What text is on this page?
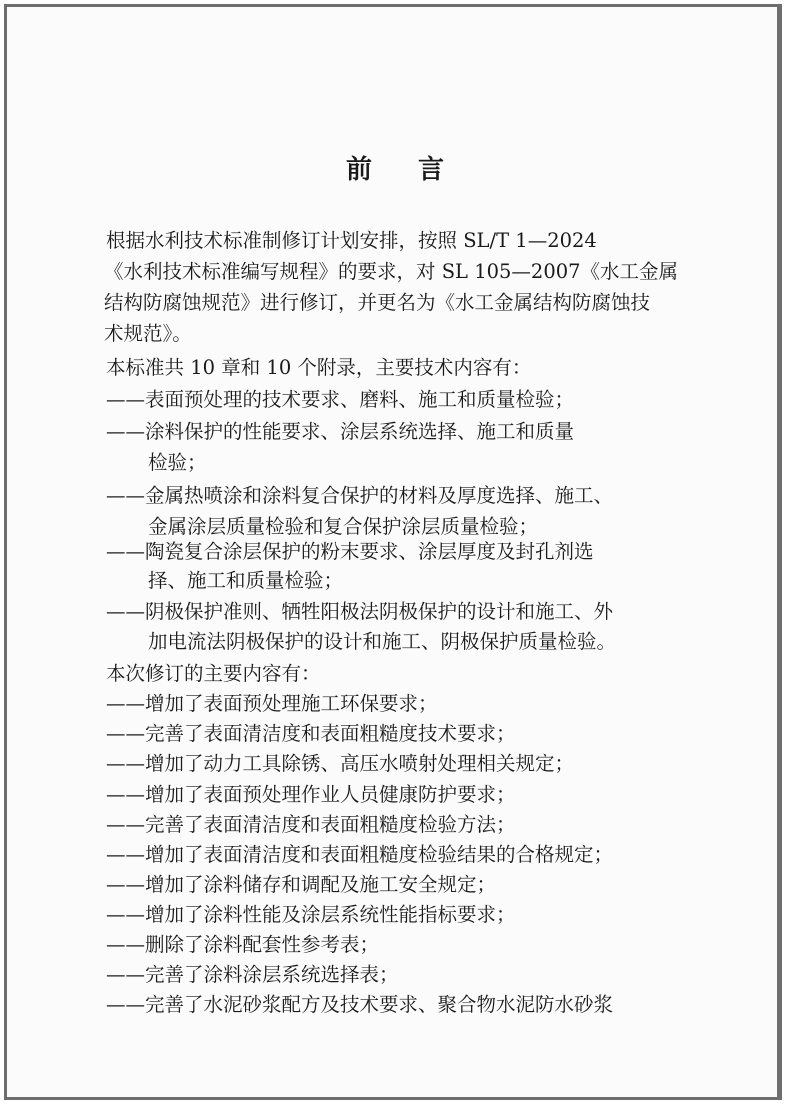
前言
根据水利技术标准制修订计划安排，按照 SL/T 1—2024
《水利技术标准编写规程》的要求，对 SL 105—2007《水工金属
结构防腐蚀规范》进行修订，并更名为《水工金属结构防腐蚀技
术规范》。
本标准共 10 章和 10 个附录，主要技术内容有：
——表面预处理的技术要求、磨料、施工和质量检验；
——涂料保护的性能要求、涂层系统选择、施工和质量
检验；
——金属热喷涂和涂料复合保护的材料及厚度选择、施工、
金属涂层质量检验和复合保护涂层质量检验；
——陶瓷复合涂层保护的粉末要求、涂层厚度及封孔剂选
择、施工和质量检验；
——阴极保护准则、牺牲阳极法阴极保护的设计和施工、外
加电流法阴极保护的设计和施工、阴极保护质量检验。
本次修订的主要内容有：
——增加了表面预处理施工环保要求；
——完善了表面清洁度和表面粗糙度技术要求；
——增加了动力工具除锈、高压水喷射处理相关规定；
——增加了表面预处理作业人员健康防护要求；
——完善了表面清洁度和表面粗糙度检验方法；
——增加了表面清洁度和表面粗糙度检验结果的合格规定；
——增加了涂料储存和调配及施工安全规定；
——增加了涂料性能及涂层系统性能指标要求；
——删除了涂料配套性参考表；
——完善了涂料涂层系统选择表；
——完善了水泥砂浆配方及技术要求、聚合物水泥防水砂浆
